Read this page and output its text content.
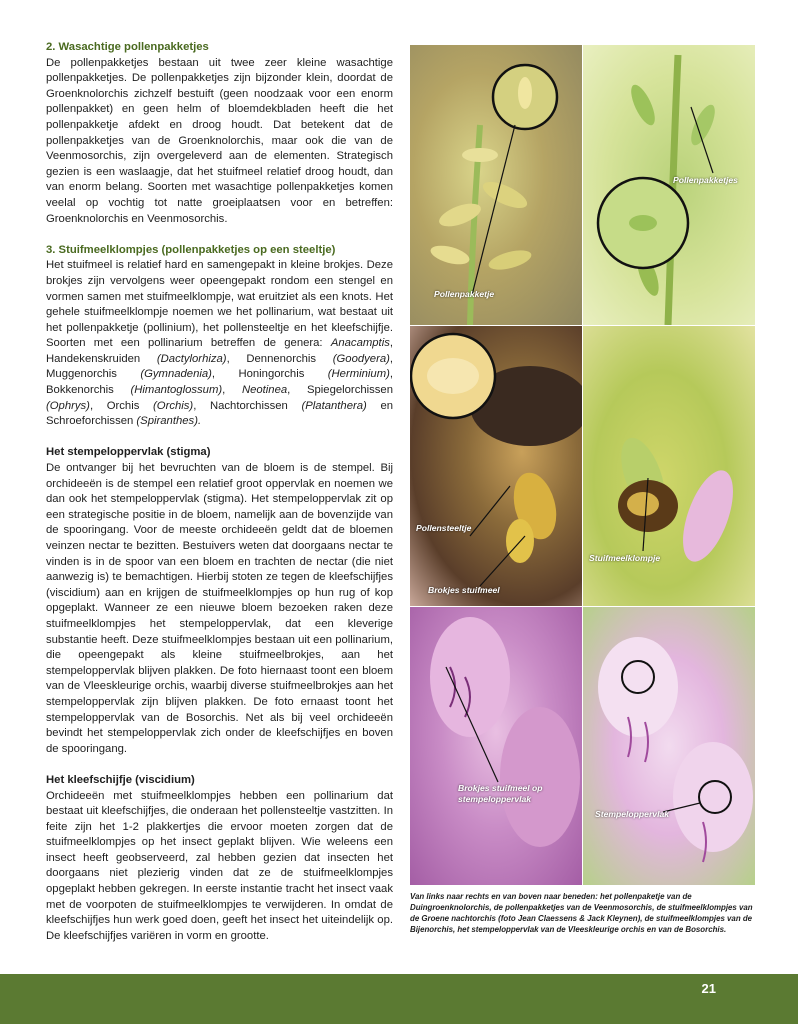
2. Wasachtige pollenpakketjes

De pollenpakketjes bestaan uit twee zeer kleine wasachtige pollenpakketjes. De pollenpakketjes zijn bijzonder klein, doordat de Groenknolorchis zichzelf bestuift (geen noodzaak voor een enorm pollenpakket) en geen helm of bloemdekbladen heeft die het pollenpakketje afdekt en droog houdt. Dat betekent dat de pollenpakketjes van de Groenknolorchis, maar ook die van de Veenmosorchis, zijn overgeleverd aan de elementen. Strategisch gezien is een waslaagje, dat het stuifmeel relatief droog houdt, dan van enorm belang. Soorten met wasachtige pollenpakketjes komen veelal op vochtig tot natte groeiplaatsen voor en betreffen: Groenknolorchis en Veenmosorchis.

3. Stuifmeelklompjes (pollenpakketjes op een steeltje)

Het stuifmeel is relatief hard en samengepakt in kleine brokjes. Deze brokjes zijn vervolgens weer opeengepakt rondom een stengel en vormen samen met stuifmeelklompje, wat eruitziet als een knots. Het gehele stuifmeelklompje noemen we het pollinarium, wat bestaat uit het pollenpakketje (pollinium), het pollensteeltje en het kleefschijfje. Soorten met een pollinarium betreffen de genera: Anacamptis, Handekenskruiden (Dactylorhiza), Dennenorchis (Goodyera), Muggenorchis (Gymnadenia), Honingorchis (Herminium), Bokkenorchis (Himantoglossum), Neotinea, Spiegelorchissen (Ophrys), Orchis (Orchis), Nachtorchissen (Platanthera) en Schroeforchissen (Spiranthes).

Het stempeloppervlak (stigma)

De ontvanger bij het bevruchten van de bloem is de stempel. Bij orchideeën is de stempel een relatief groot oppervlak en noemen we dan ook het stempeloppervlak (stigma). Het stempeloppervlak zit op een strategische positie in de bloem, namelijk aan de bovenzijde van de spooringang. Voor de meeste orchideeën geldt dat de bloemen veinzen nectar te bezitten. Bestuivers weten dat doorgaans nectar te vinden is in de spoor van een bloem en trachten de nectar (die niet aanwezig is) te bemachtigen. Hierbij stoten ze tegen de kleefschijfjes (viscidium) aan en krijgen de stuifmeelklompjes op hun rug of kop opgeplakt. Wanneer ze een nieuwe bloem bezoeken raken deze stuifmeelklompjes het stempeloppervlak, dat een kleverige substantie heeft. Deze stuifmeelklompjes bestaan uit een pollinarium, die opeengepakt als kleine stuifmeelbrokjes, aan het stempeloppervlak blijven plakken. De foto hiernaast toont een bloem van de Vleeskleurige orchis, waarbij diverse stuifmeelbrokjes aan het stempeloppervlak zijn blijven plakken. De foto ernaast toont het stempeloppervlak van de Bosorchis. Net als bij veel orchideeën bevindt het stempeloppervlak zich onder de kleefschijfjes en boven de spooringang.

Het kleefschijfje (viscidium)

Orchideeën met stuifmeelklompjes hebben een pollinarium dat bestaat uit kleefschijfjes, die onderaan het pollensteeltje vastzitten. In feite zijn het 1-2 plakkertjes die ervoor moeten zorgen dat de stuifmeelklompjes op het insect geplakt blijven. Wie weleens een insect heeft geobserveerd, zal hebben gezien dat insecten het doorgaans niet plezierig vinden dat ze de stuifmeelklompjes opgeplakt hebben gekregen. In eerste instantie tracht het insect vaak met de voorpoten de stuifmeelklompjes te verwijderen. In omdat de kleefschijfjes hun werk goed doen, geeft het insect het uiteindelijk op. De kleefschijfjes variëren in vorm en grootte.

Pollenpakketje
Pollenpakketjes
Pollensteeltje
Brokjes stuifmeel
Stuifmeelklompje
Brokjes stuifmeel op
stempeloppervlak
Stempeloppervlak
Van links naar rechts en van boven naar beneden: het pollenpaketje van de Duingroenknolorchis, de pollenpakketjes van de Veenmosorchis, de stuifmeelklompjes van de Groene nachtorchis (foto Jean Claessens & Jack Kleynen), de stuifmeelklompjes van de Bijenorchis, het stempeloppervlak van de Vleeskleurige orchis en van de Bosorchis.
21
